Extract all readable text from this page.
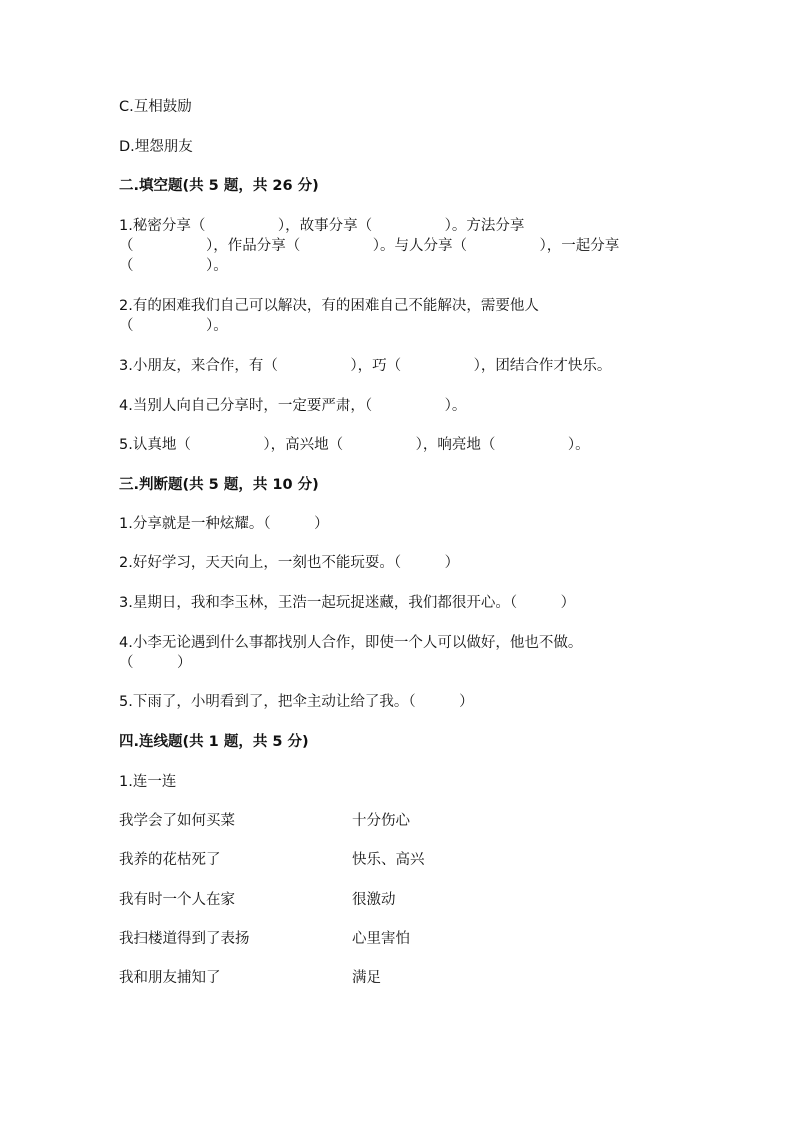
C.互相鼓励
D.埋怨朋友
二.填空题(共 5 题，共 26 分)
1.秘密分享（　　　　　），故事分享（　　　　　）。方法分享
（　　　　　），作品分享（　　　　　）。与人分享（　　　　　），一起分享
（　　　　　）。
2.有的困难我们自己可以解决，有的困难自己不能解决，需要他人
（　　　　　）。
3.小朋友，来合作，有（　　　　　），巧（　　　　　），团结合作才快乐。
4.当别人向自己分享时，一定要严肃，（　　　　　）。
5.认真地（　　　　　），高兴地（　　　　　），响亮地（　　　　　）。
三.判断题(共 5 题，共 10 分)
1.分享就是一种炫耀。（　　　）
2.好好学习，天天向上，一刻也不能玩耍。（　　　）
3.星期日，我和李玉林，王浩一起玩捉迷藏，我们都很开心。（　　　）
4.小李无论遇到什么事都找别人合作，即使一个人可以做好，他也不做。
（　　　）
5.下雨了，小明看到了，把伞主动让给了我。（　　　）
四.连线题(共 1 题，共 5 分)
1.连一连
我学会了如何买菜	十分伤心
我养的花枯死了	快乐、高兴
我有时一个人在家	很激动
我扫楼道得到了表扬	心里害怕
我和朋友捕知了	满足
